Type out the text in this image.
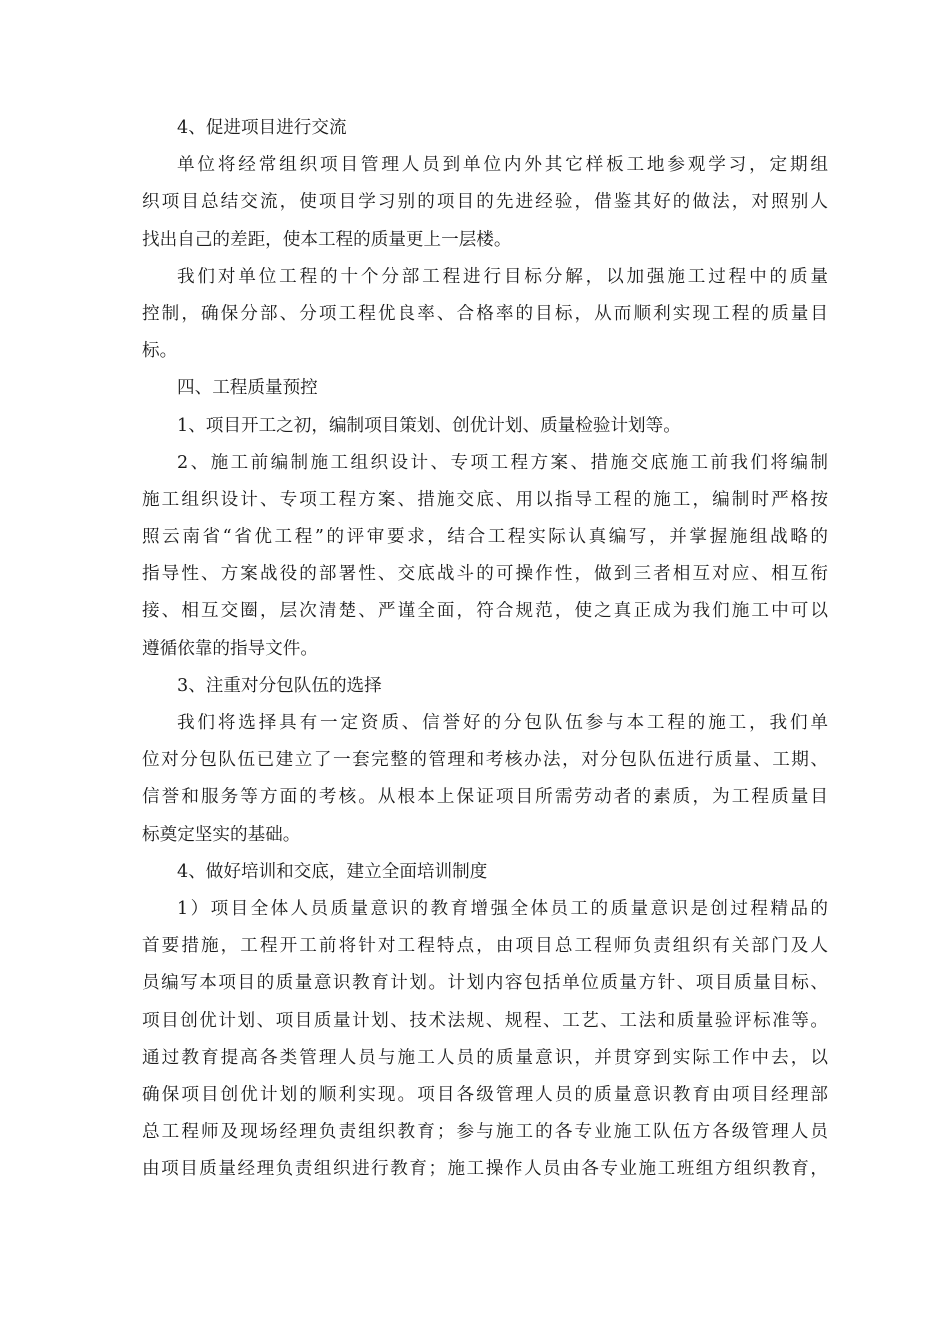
4、促进项目进行交流
单位将经常组织项目管理人员到单位内外其它样板工地参观学习，定期组
织项目总结交流，使项目学习别的项目的先进经验，借鉴其好的做法，对照别人
找出自己的差距，使本工程的质量更上一层楼。
我们对单位工程的十个分部工程进行目标分解，以加强施工过程中的质量
控制，确保分部、分项工程优良率、合格率的目标，从而顺利实现工程的质量目
标。
四、工程质量预控
1、项目开工之初，编制项目策划、创优计划、质量检验计划等。
2、施工前编制施工组织设计、专项工程方案、措施交底施工前我们将编制
施工组织设计、专项工程方案、措施交底、用以指导工程的施工，编制时严格按
照云南省“省优工程”的评审要求，结合工程实际认真编写，并掌握施组战略的
指导性、方案战役的部署性、交底战斗的可操作性，做到三者相互对应、相互衔
接、相互交圈，层次清楚、严谨全面，符合规范，使之真正成为我们施工中可以
遵循依靠的指导文件。
3、注重对分包队伍的选择
我们将选择具有一定资质、信誉好的分包队伍参与本工程的施工，我们单
位对分包队伍已建立了一套完整的管理和考核办法，对分包队伍进行质量、工期、
信誉和服务等方面的考核。从根本上保证项目所需劳动者的素质，为工程质量目
标奠定坚实的基础。
4、做好培训和交底，建立全面培训制度
1）项目全体人员质量意识的教育增强全体员工的质量意识是创过程精品的
首要措施，工程开工前将针对工程特点，由项目总工程师负责组织有关部门及人
员编写本项目的质量意识教育计划。计划内容包括单位质量方针、项目质量目标、
项目创优计划、项目质量计划、技术法规、规程、工艺、工法和质量验评标准等。
通过教育提高各类管理人员与施工人员的质量意识，并贯穿到实际工作中去，以
确保项目创优计划的顺利实现。项目各级管理人员的质量意识教育由项目经理部
总工程师及现场经理负责组织教育；参与施工的各专业施工队伍方各级管理人员
由项目质量经理负责组织进行教育；施工操作人员由各专业施工班组方组织教育，
